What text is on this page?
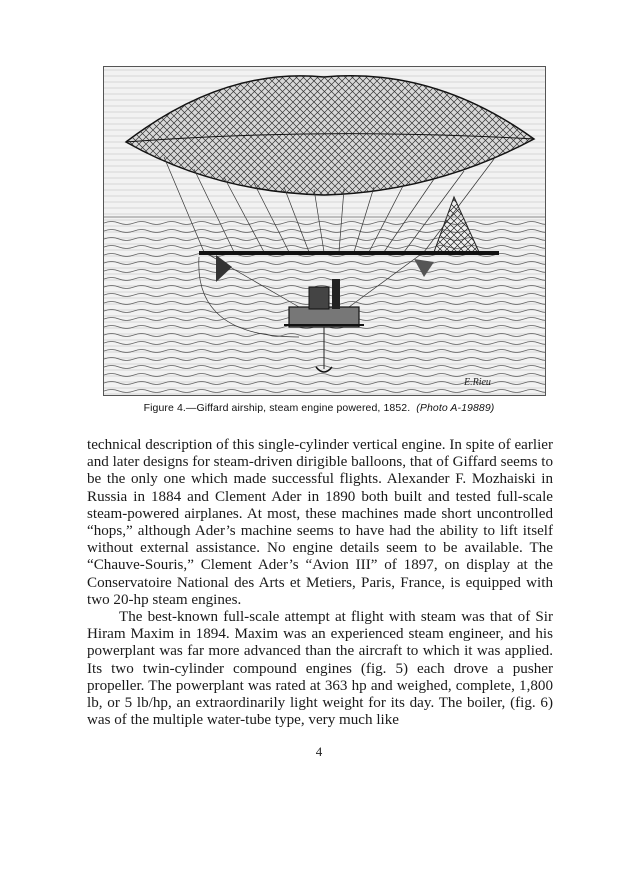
E.Rieu
Figure 4.—Giffard airship, steam engine powered, 1852. (Photo A-19889)

technical description of this single-cylinder vertical engine. In spite of earlier and later designs for steam-driven dirigible balloons, that of Giffard seems to be the only one which made successful flights. Alexander F. Mozhaiski in Russia in 1884 and Clement Ader in 1890 both built and tested full-scale steam-powered airplanes. At most, these machines made short uncontrolled “hops,” although Ader’s machine seems to have had the ability to lift itself without external assistance. No engine details seem to be available. The “Chauve-Souris,” Clement Ader’s “Avion III” of 1897, on display at the Conservatoire National des Arts et Metiers, Paris, France, is equipped with two 20-hp steam engines.

The best-known full-scale attempt at flight with steam was that of Sir Hiram Maxim in 1894. Maxim was an experienced steam engineer, and his powerplant was far more advanced than the aircraft to which it was applied. Its two twin-cylinder compound engines (fig. 5) each drove a pusher propeller. The powerplant was rated at 363 hp and weighed, complete, 1,800 lb, or 5 lb/hp, an extraordinarily light weight for its day. The boiler, (fig. 6) was of the multiple water-tube type, very much like

4
